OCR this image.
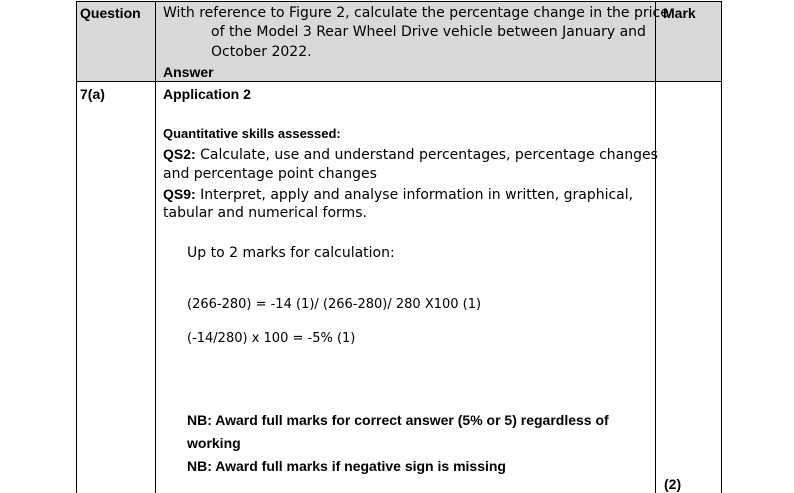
Question With reference to Figure 2, calculate the percentage change in the price
of the Model 3 Rear Wheel Drive vehicle between January and
October 2022.
Answer
Mark
7(a)	Application 2
Quantitative skills assessed:
QS2: Calculate, use and understand percentages, percentage changes
and percentage point changes
QS9: Interpret, apply and analyse information in written, graphical,
tabular and numerical forms.
Up to 2 marks for calculation:
(266-280) = -14 (1)/ (266-280)/ 280 X100 (1)
(-14/280) x 100 = -5% (1)
NB: Award full marks for correct answer (5% or 5) regardless of
working
NB: Award full marks if negative sign is missing
(2)
